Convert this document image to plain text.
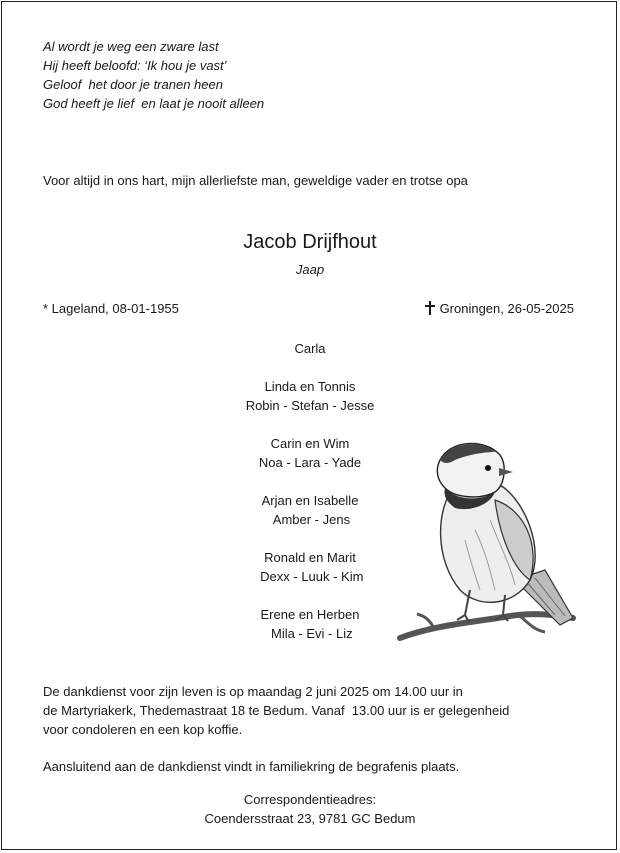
Al wordt je weg een zware last
Hij heeft beloofd: ‘Ik hou je vast’
Geloof  het door je tranen heen
God heeft je lief  en laat je nooit alleen
Voor altijd in ons hart, mijn allerliefste man, geweldige vader en trotse opa
Jacob Drijfhout
Jaap
* Lageland, 08-01-1955	Groningen, 26-05-2025
Carla
Linda en Tonnis
Robin - Stefan - Jesse
Carin en Wim
Noa - Lara - Yade
Arjan en Isabelle
Amber - Jens
Ronald en Marit
Dexx - Luuk - Kim
Erene en Herben
Mila - Evi - Liz
De dankdienst voor zijn leven is op maandag 2 juni 2025 om 14.00 uur in
de Martyriakerk, Thedemastraat 18 te Bedum. Vanaf  13.00 uur is er gelegenheid
voor condoleren en een kop koffie.
Aansluitend aan de dankdienst vindt in familiekring de begrafenis plaats.
Correspondentieadres:
Coendersstraat 23, 9781 GC Bedum
